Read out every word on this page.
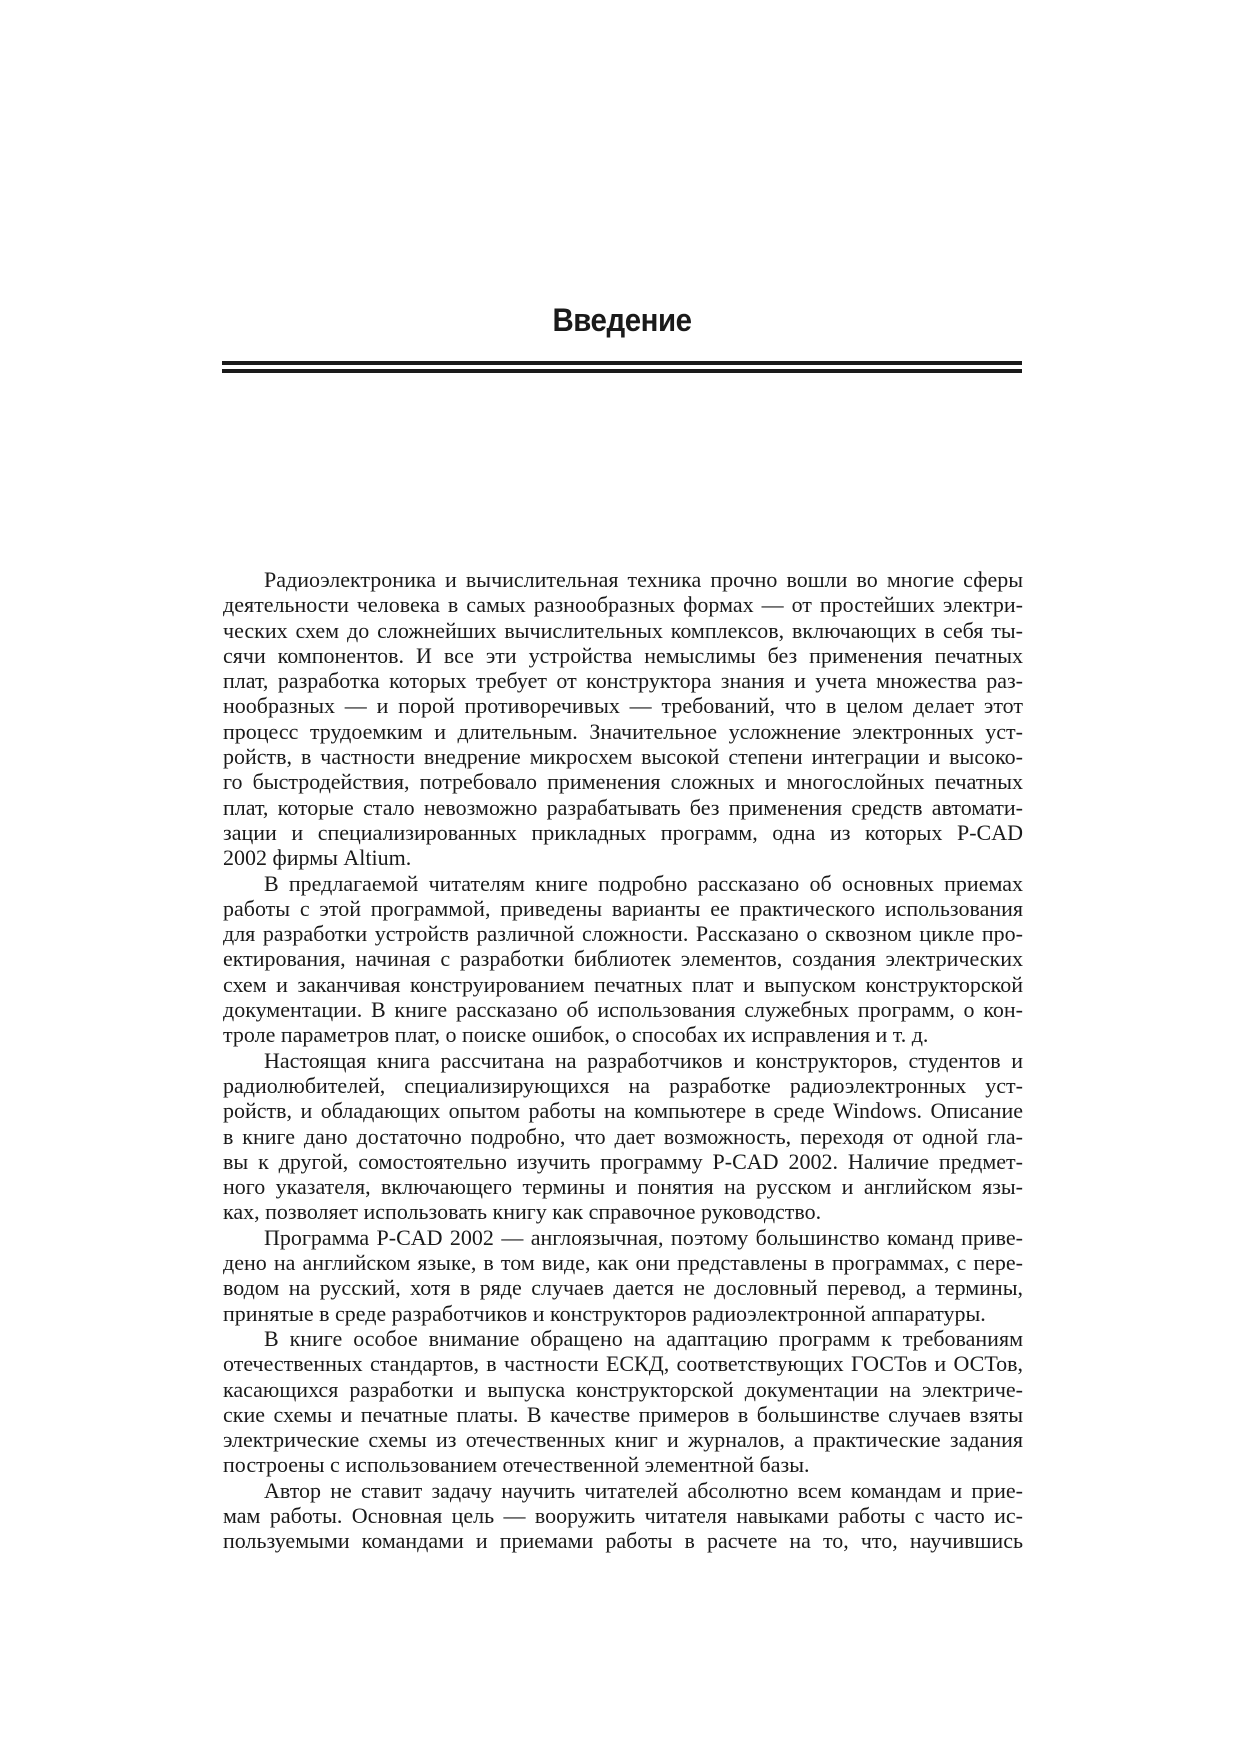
Введение
Радиоэлектроника и вычислительная техника прочно вошли во многие сферы
деятельности человека в самых разнообразных формах — от простейших электри-
ческих схем до сложнейших вычислительных комплексов, включающих в себя ты-
сячи компонентов. И все эти устройства немыслимы без применения печатных
плат, разработка которых требует от конструктора знания и учета множества раз-
нообразных — и порой противоречивых — требований, что в целом делает этот
процесс трудоемким и длительным. Значительное усложнение электронных уст-
ройств, в частности внедрение микросхем высокой степени интеграции и высоко-
го быстродействия, потребовало применения сложных и многослойных печатных
плат, которые стало невозможно разрабатывать без применения средств автомати-
зации и специализированных прикладных программ, одна из которых P-CAD
2002 фирмы Altium.
В предлагаемой читателям книге подробно рассказано об основных приемах
работы с этой программой, приведены варианты ее практического использования
для разработки устройств различной сложности. Рассказано о сквозном цикле про-
ектирования, начиная с разработки библиотек элементов, создания электрических
схем и заканчивая конструированием печатных плат и выпуском конструкторской
документации. В книге рассказано об использования служебных программ, о кон-
троле параметров плат, о поиске ошибок, о способах их исправления и т. д.
Настоящая книга рассчитана на разработчиков и конструкторов, студентов и
радиолюбителей, специализирующихся на разработке радиоэлектронных уст-
ройств, и обладающих опытом работы на компьютере в среде Windows. Описание
в книге дано достаточно подробно, что дает возможность, переходя от одной гла-
вы к другой, сомостоятельно изучить программу P-CAD 2002. Наличие предмет-
ного указателя, включающего термины и понятия на русском и английском язы-
ках, позволяет использовать книгу как справочное руководство.
Программа P-CAD 2002 — англоязычная, поэтому большинство команд приве-
дено на английском языке, в том виде, как они представлены в программах, с пере-
водом на русский, хотя в ряде случаев дается не дословный перевод, а термины,
принятые в среде разработчиков и конструкторов радиоэлектронной аппаратуры.
В книге особое внимание обращено на адаптацию программ к требованиям
отечественных стандартов, в частности ЕСКД, соответствующих ГОСТов и ОСТов,
касающихся разработки и выпуска конструкторской документации на электриче-
ские схемы и печатные платы. В качестве примеров в большинстве случаев взяты
электрические схемы из отечественных книг и журналов, а практические задания
построены с использованием отечественной элементной базы.
Автор не ставит задачу научить читателей абсолютно всем командам и прие-
мам работы. Основная цель — вооружить читателя навыками работы с часто ис-
пользуемыми командами и приемами работы в расчете на то, что, научившись
